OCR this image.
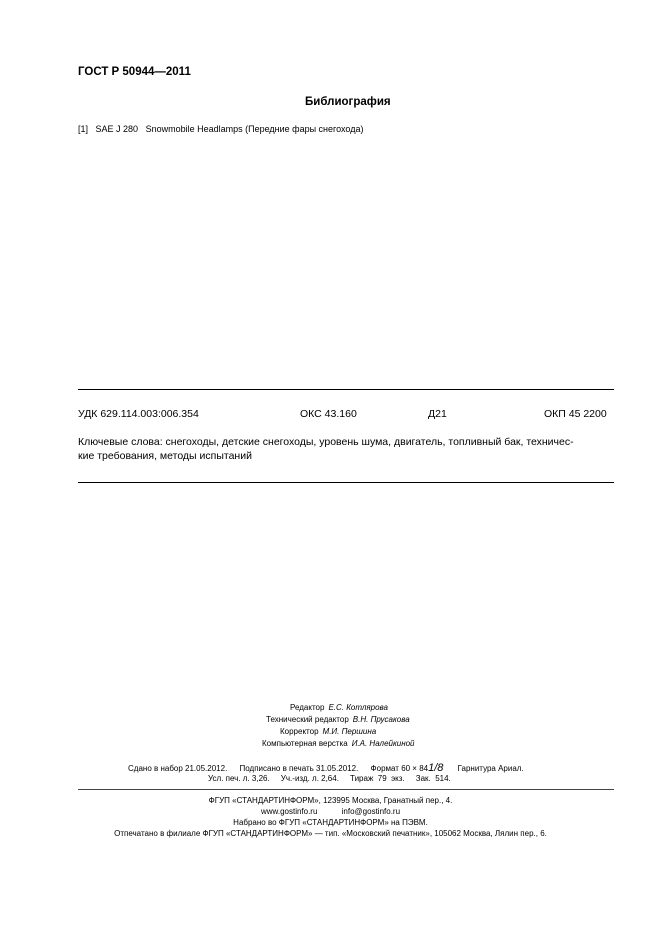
ГОСТ Р 50944—2011
Библиография
[1] SAE J 280 Snowmobile Headlamps (Передние фары снегохода)
УДК 629.114.003:006.354	ОКС 43.160	Д21	ОКП 45 2200
Ключевые слова: снегоходы, детские снегоходы, уровень шума, двигатель, топливный бак, техничес-
кие требования, методы испытаний
Редактор Е.С. Котлярова
Технический редактор В.Н. Прусакова
Корректор М.И. Першина
Компьютерная верстка И.А. Налейкиной
Сдано в набор 21.05.2012. Подписано в печать 31.05.2012. Формат 60 × 841/8 Гарнитура Ариал.
Усл. печ. л. 3,26.     Уч.-изд. л. 2,64.     Тираж  79  экз.     Зак.  514.
ФГУП «СТАНДАРТИНФОРМ», 123995 Москва, Гранатный пер., 4.
www.gostinfo.ru	info@gostinfo.ru
Набрано во ФГУП «СТАНДАРТИНФОРМ» на ПЭВМ.
Отпечатано в филиале ФГУП «СТАНДАРТИНФОРМ» — тип. «Московский печатник», 105062 Москва, Лялин пер., 6.
